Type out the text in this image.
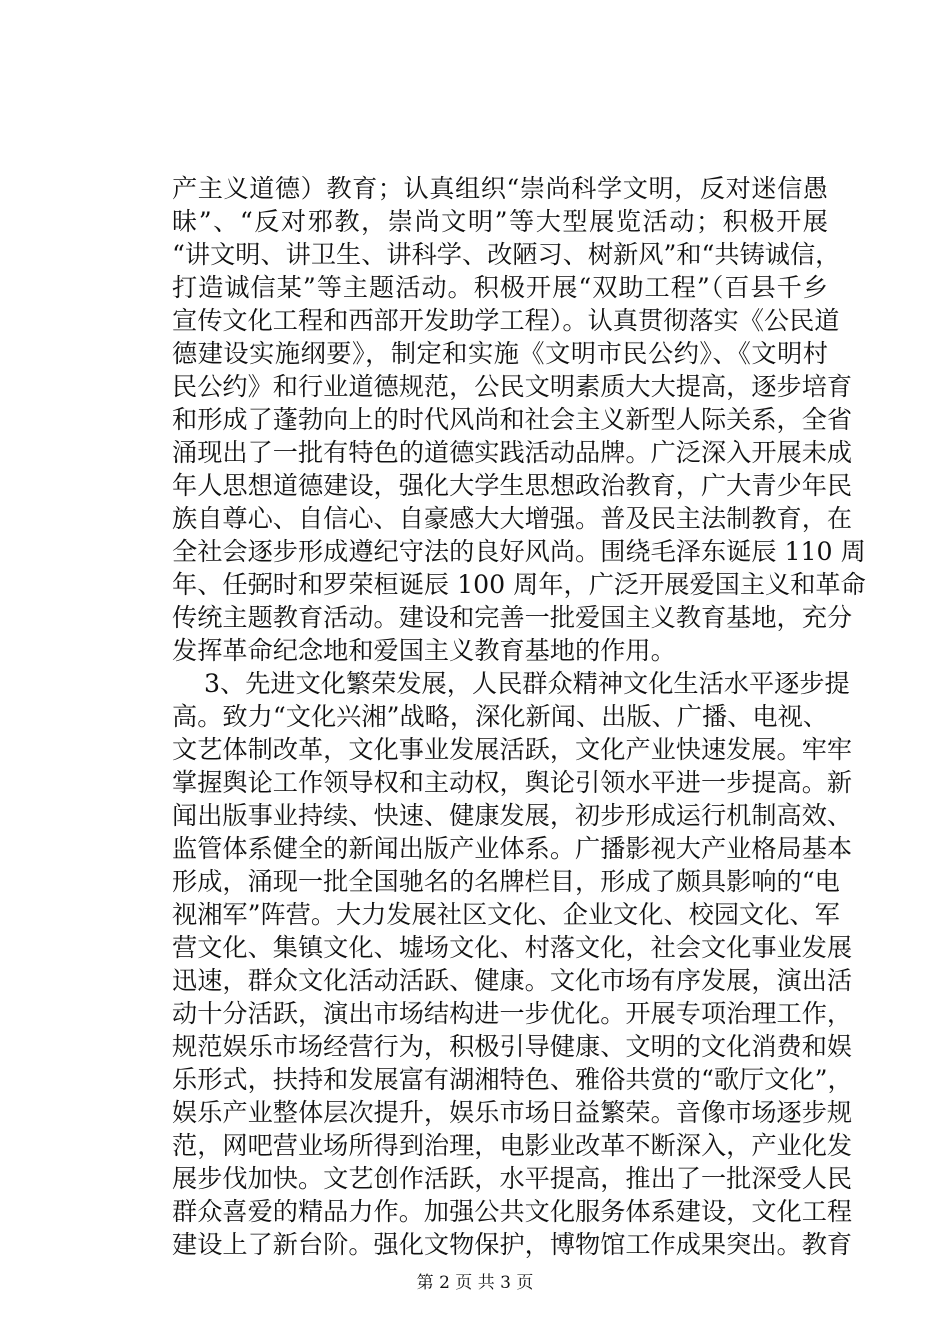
产主义道德）教育；认真组织“崇尚科学文明，反对迷信愚
昧”、“反对邪教，崇尚文明”等大型展览活动；积极开展
“讲文明、讲卫生、讲科学、改陋习、树新风”和“共铸诚信，
打造诚信某”等主题活动。积极开展“双助工程”（百县千乡
宣传文化工程和西部开发助学工程）。认真贯彻落实《公民道
德建设实施纲要》，制定和实施《文明市民公约》、《文明村
民公约》和行业道德规范，公民文明素质大大提高，逐步培育
和形成了蓬勃向上的时代风尚和社会主义新型人际关系，全省
涌现出了一批有特色的道德实践活动品牌。广泛深入开展未成
年人思想道德建设，强化大学生思想政治教育，广大青少年民
族自尊心、自信心、自豪感大大增强。普及民主法制教育，在
全社会逐步形成遵纪守法的良好风尚。围绕毛泽东诞辰 110 周
年、任弼时和罗荣桓诞辰 100 周年，广泛开展爱国主义和革命
传统主题教育活动。建设和完善一批爱国主义教育基地，充分
发挥革命纪念地和爱国主义教育基地的作用。
3、先进文化繁荣发展，人民群众精神文化生活水平逐步提
高。致力“文化兴湘”战略，深化新闻、出版、广播、电视、
文艺体制改革，文化事业发展活跃，文化产业快速发展。牢牢
掌握舆论工作领导权和主动权，舆论引领水平进一步提高。新
闻出版事业持续、快速、健康发展，初步形成运行机制高效、
监管体系健全的新闻出版产业体系。广播影视大产业格局基本
形成，涌现一批全国驰名的名牌栏目，形成了颇具影响的“电
视湘军”阵营。大力发展社区文化、企业文化、校园文化、军
营文化、集镇文化、墟场文化、村落文化，社会文化事业发展
迅速，群众文化活动活跃、健康。文化市场有序发展，演出活
动十分活跃，演出市场结构进一步优化。开展专项治理工作，
规范娱乐市场经营行为，积极引导健康、文明的文化消费和娱
乐形式，扶持和发展富有湖湘特色、雅俗共赏的“歌厅文化”，
娱乐产业整体层次提升，娱乐市场日益繁荣。音像市场逐步规
范，网吧营业场所得到治理，电影业改革不断深入，产业化发
展步伐加快。文艺创作活跃，水平提高，推出了一批深受人民
群众喜爱的精品力作。加强公共文化服务体系建设，文化工程
建设上了新台阶。强化文物保护，博物馆工作成果突出。教育
第 2 页 共 3 页
